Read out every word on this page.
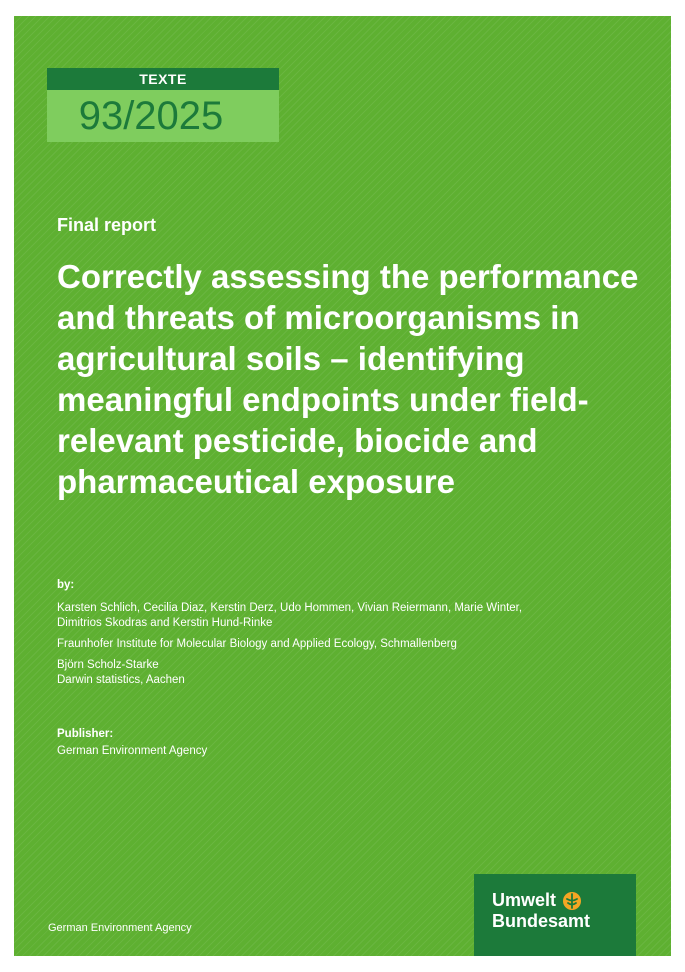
TEXTE
93/2025
Final report
Correctly assessing the performance and threats of microorganisms in agricultural soils – identifying meaningful endpoints under field-relevant pesticide, biocide and pharmaceutical exposure
by:
Karsten Schlich, Cecilia Diaz, Kerstin Derz, Udo Hommen, Vivian Reiermann, Marie Winter,
Dimitrios Skodras and Kerstin Hund-Rinke
Fraunhofer Institute for Molecular Biology and Applied Ecology, Schmallenberg
Björn Scholz-Starke
Darwin statistics, Aachen
Publisher:
German Environment Agency
German Environment Agency
Umwelt
Bundesamt
